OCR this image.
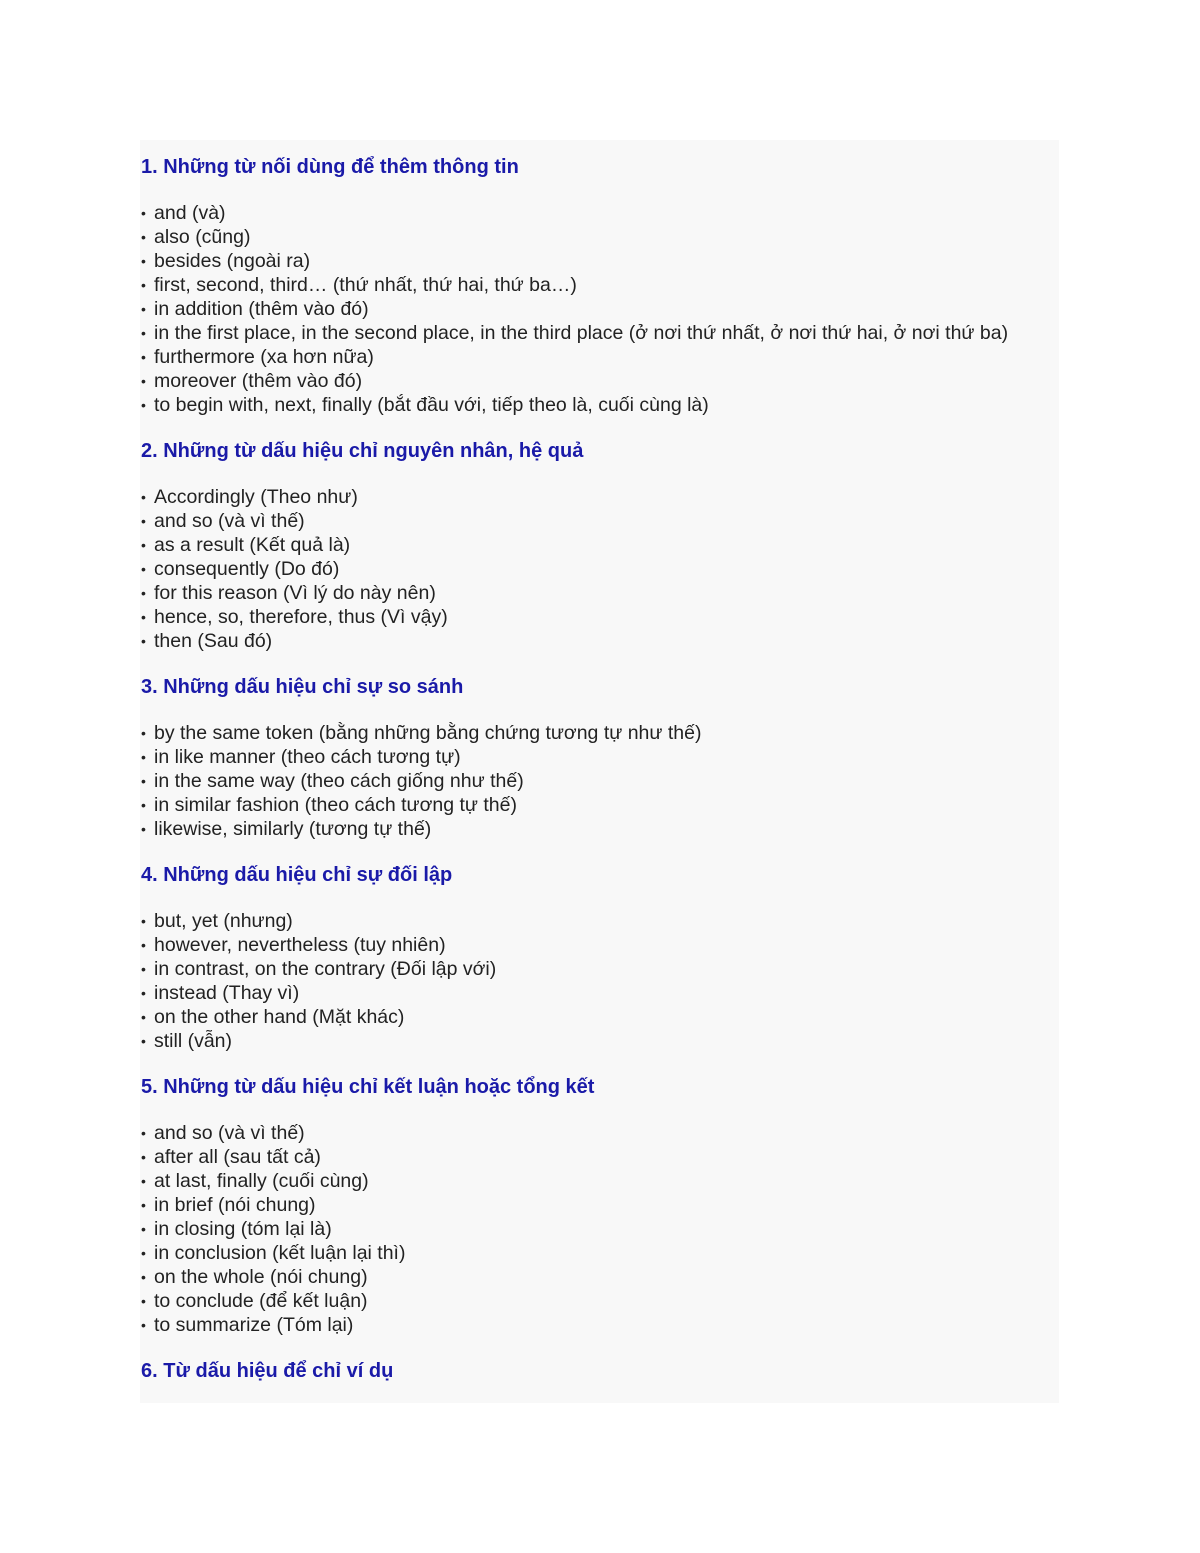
1. Những từ nối dùng để thêm thông tin
• and (và)
• also (cũng)
• besides (ngoài ra)
• first, second, third… (thứ nhất, thứ hai, thứ ba…)
• in addition (thêm vào đó)
• in the first place, in the second place, in the third place (ở nơi thứ nhất, ở nơi thứ hai, ở nơi thứ ba)
• furthermore (xa hơn nữa)
• moreover (thêm vào đó)
• to begin with, next, finally (bắt đầu với, tiếp theo là, cuối cùng là)
2. Những từ dấu hiệu chỉ nguyên nhân, hệ quả
• Accordingly (Theo như)
• and so (và vì thế)
• as a result (Kết quả là)
• consequently (Do đó)
• for this reason (Vì lý do này nên)
• hence, so, therefore, thus (Vì vậy)
• then (Sau đó)
3. Những dấu hiệu chỉ sự so sánh
• by the same token (bằng những bằng chứng tương tự như thế)
• in like manner (theo cách tương tự)
• in the same way (theo cách giống như thế)
• in similar fashion (theo cách tương tự thế)
• likewise, similarly (tương tự thế)
4. Những dấu hiệu chỉ sự đối lập
• but, yet (nhưng)
• however, nevertheless (tuy nhiên)
• in contrast, on the contrary (Đối lập với)
• instead (Thay vì)
• on the other hand (Mặt khác)
• still (vẫn)
5. Những từ dấu hiệu chỉ kết luận hoặc tổng kết
• and so (và vì thế)
• after all (sau tất cả)
• at last, finally (cuối cùng)
• in brief (nói chung)
• in closing (tóm lại là)
• in conclusion (kết luận lại thì)
• on the whole (nói chung)
• to conclude (để kết luận)
• to summarize (Tóm lại)
6. Từ dấu hiệu để chỉ ví dụ
